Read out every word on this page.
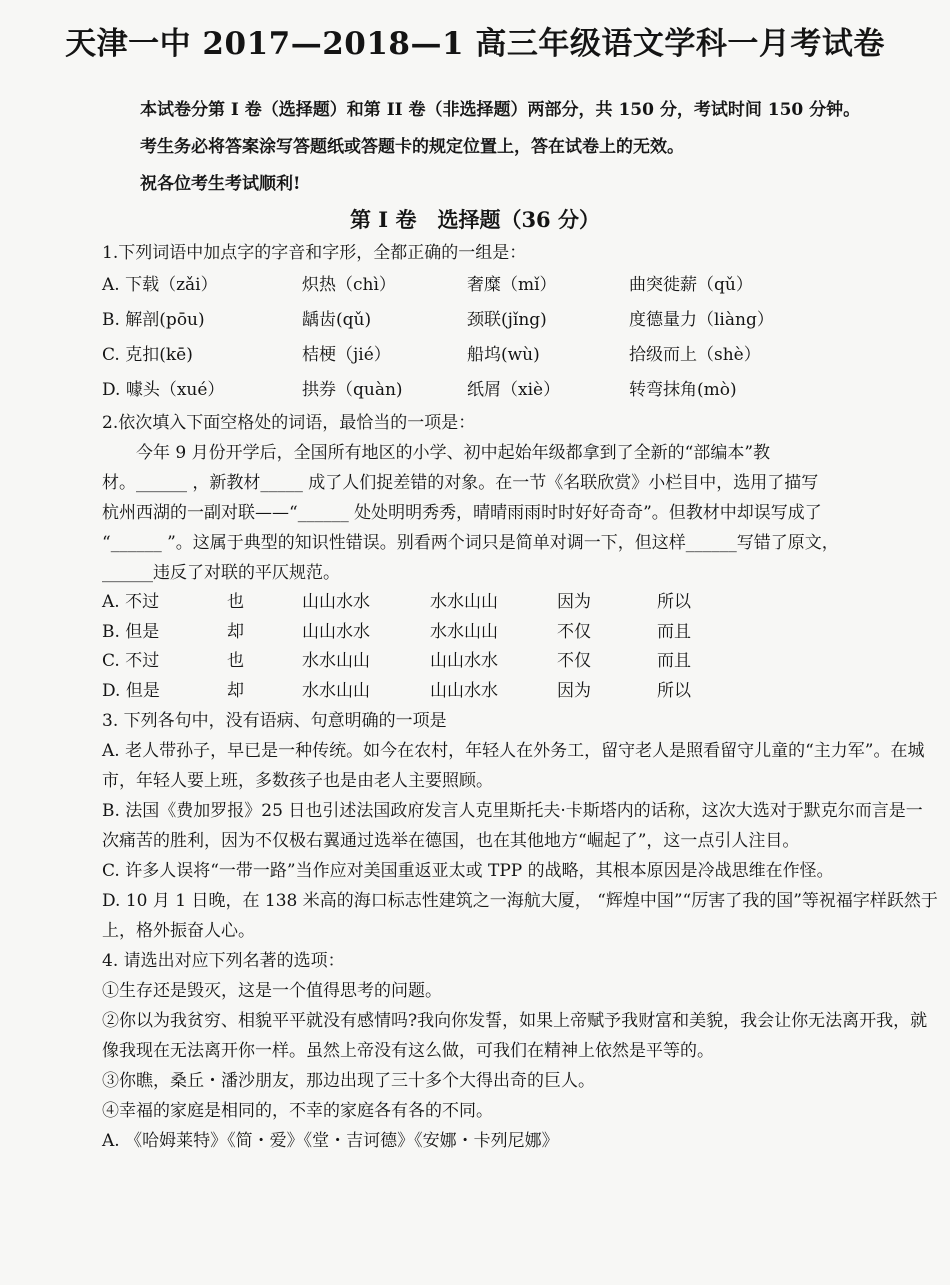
天津一中 2017—2018—1 高三年级语文学科一月考试卷
本试卷分第 I 卷（选择题）和第 II 卷（非选择题）两部分，共 150 分，考试时间 150 分钟。
考生务必将答案涂写答题纸或答题卡的规定位置上，答在试卷上的无效。
祝各位考生考试顺利!
第 I 卷　选择题（36 分）
1.下列词语中加点字的字音和字形，全都正确的一组是：
A. 下载（zǎi）	炽热（chì）	奢糜（mǐ）	曲突徙薪（qǔ）
B. 解剖(pōu)	龋齿(qǔ)	颈联(jǐng)	度德量力（liàng）
C. 克扣(kē)	桔梗（jié）	船坞(wù)	拾级而上（shè）
D. 噱头（xué）	拱券（quàn)	纸屑（xiè）	转弯抹角(mò)
2.依次填入下面空格处的词语，最恰当的一项是：
今年 9 月份开学后，全国所有地区的小学、初中起始年级都拿到了全新的“部编本”教
材。______ ，新教材_____ 成了人们捉差错的对象。在一节《名联欣赏》小栏目中，选用了描写
杭州西湖的一副对联——“______ 处处明明秀秀，晴晴雨雨时时好好奇奇”。但教材中却误写成了
“______ ”。这属于典型的知识性错误。别看两个词只是简单对调一下，但这样______写错了原文，
______违反了对联的平仄规范。
A. 不过	也	山山水水	水水山山	因为	所以
B. 但是	却	山山水水	水水山山	不仅	而且
C. 不过	也	水水山山	山山水水	不仅	而且
D. 但是	却	水水山山	山山水水	因为	所以
3. 下列各句中，没有语病、句意明确的一项是
A. 老人带孙子，早已是一种传统。如今在农村，年轻人在外务工，留守老人是照看留守儿童的“主力军”。在城市，年轻人要上班，多数孩子也是由老人主要照顾。
B. 法国《费加罗报》25 日也引述法国政府发言人克里斯托夫·卡斯塔内的话称，这次大选对于默克尔而言是一次痛苦的胜利，因为不仅极右翼通过选举在德国，也在其他地方“崛起了”，这一点引人注目。
C. 许多人误将“一带一路”当作应对美国重返亚太或 TPP 的战略，其根本原因是冷战思维在作怪。
D. 10 月 1 日晚，在 138 米高的海口标志性建筑之一海航大厦， “辉煌中国”“厉害了我的国”等祝福字样跃然于上，格外振奋人心。
4. 请选出对应下列名著的选项：
①生存还是毁灭，这是一个值得思考的问题。
②你以为我贫穷、相貌平平就没有感情吗?我向你发誓，如果上帝赋予我财富和美貌，我会让你无法离开我，就像我现在无法离开你一样。虽然上帝没有这么做，可我们在精神上依然是平等的。
③你瞧，桑丘・潘沙朋友，那边出现了三十多个大得出奇的巨人。
④幸福的家庭是相同的，不幸的家庭各有各的不同。
A. 《哈姆莱特》《简・爱》《堂・吉诃德》《安娜・卡列尼娜》
